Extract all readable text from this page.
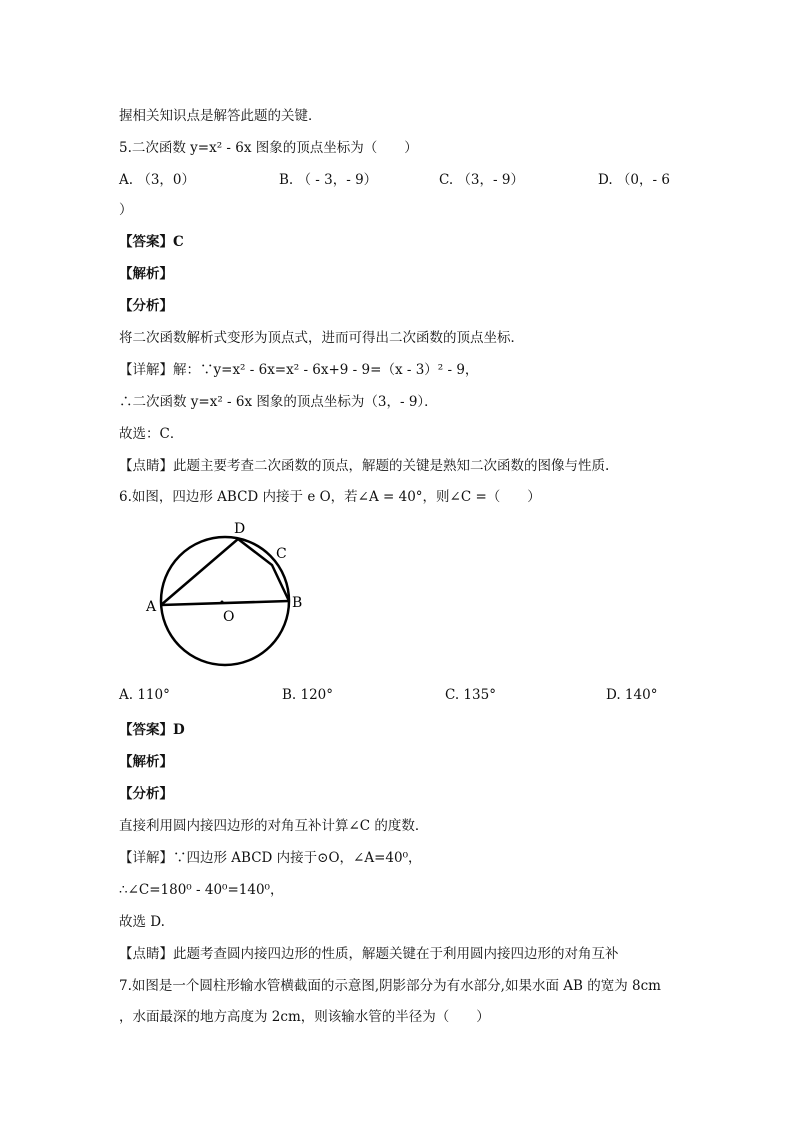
握相关知识点是解答此题的关键．
5.二次函数 y=x² - 6x 图象的顶点坐标为（　　）
A. （3，0）	B. （ - 3，- 9）	C. （3，- 9）	D. （0，- 6
）
【答案】C
【解析】
【分析】
将二次函数解析式变形为顶点式，进而可得出二次函数的顶点坐标．
【详解】解：∵y=x² - 6x=x² - 6x+9 - 9=（x - 3）² - 9，
∴二次函数 y=x² - 6x 图象的顶点坐标为（3，- 9）．
故选：C．
【点睛】此题主要考查二次函数的顶点，解题的关键是熟知二次函数的图像与性质.
6.如图，四边形 ABCD 内接于 e O，若∠A = 40°，则∠C =（　　）
A	B
C
D
O
A. 110°	B. 120°	C. 135°	D. 140°
【答案】D
【解析】
【分析】
直接利用圆内接四边形的对角互补计算∠C 的度数．
【详解】∵四边形 ABCD 内接于⊙O，∠A=40⁰，
∴∠C=180⁰ - 40⁰=140⁰，
故选 D.
【点睛】此题考查圆内接四边形的性质，解题关键在于利用圆内接四边形的对角互补
7.如图是一个圆柱形输水管横截面的示意图,阴影部分为有水部分,如果水面 AB 的宽为 8cm
，水面最深的地方高度为 2cm，则该输水管的半径为（　　）
